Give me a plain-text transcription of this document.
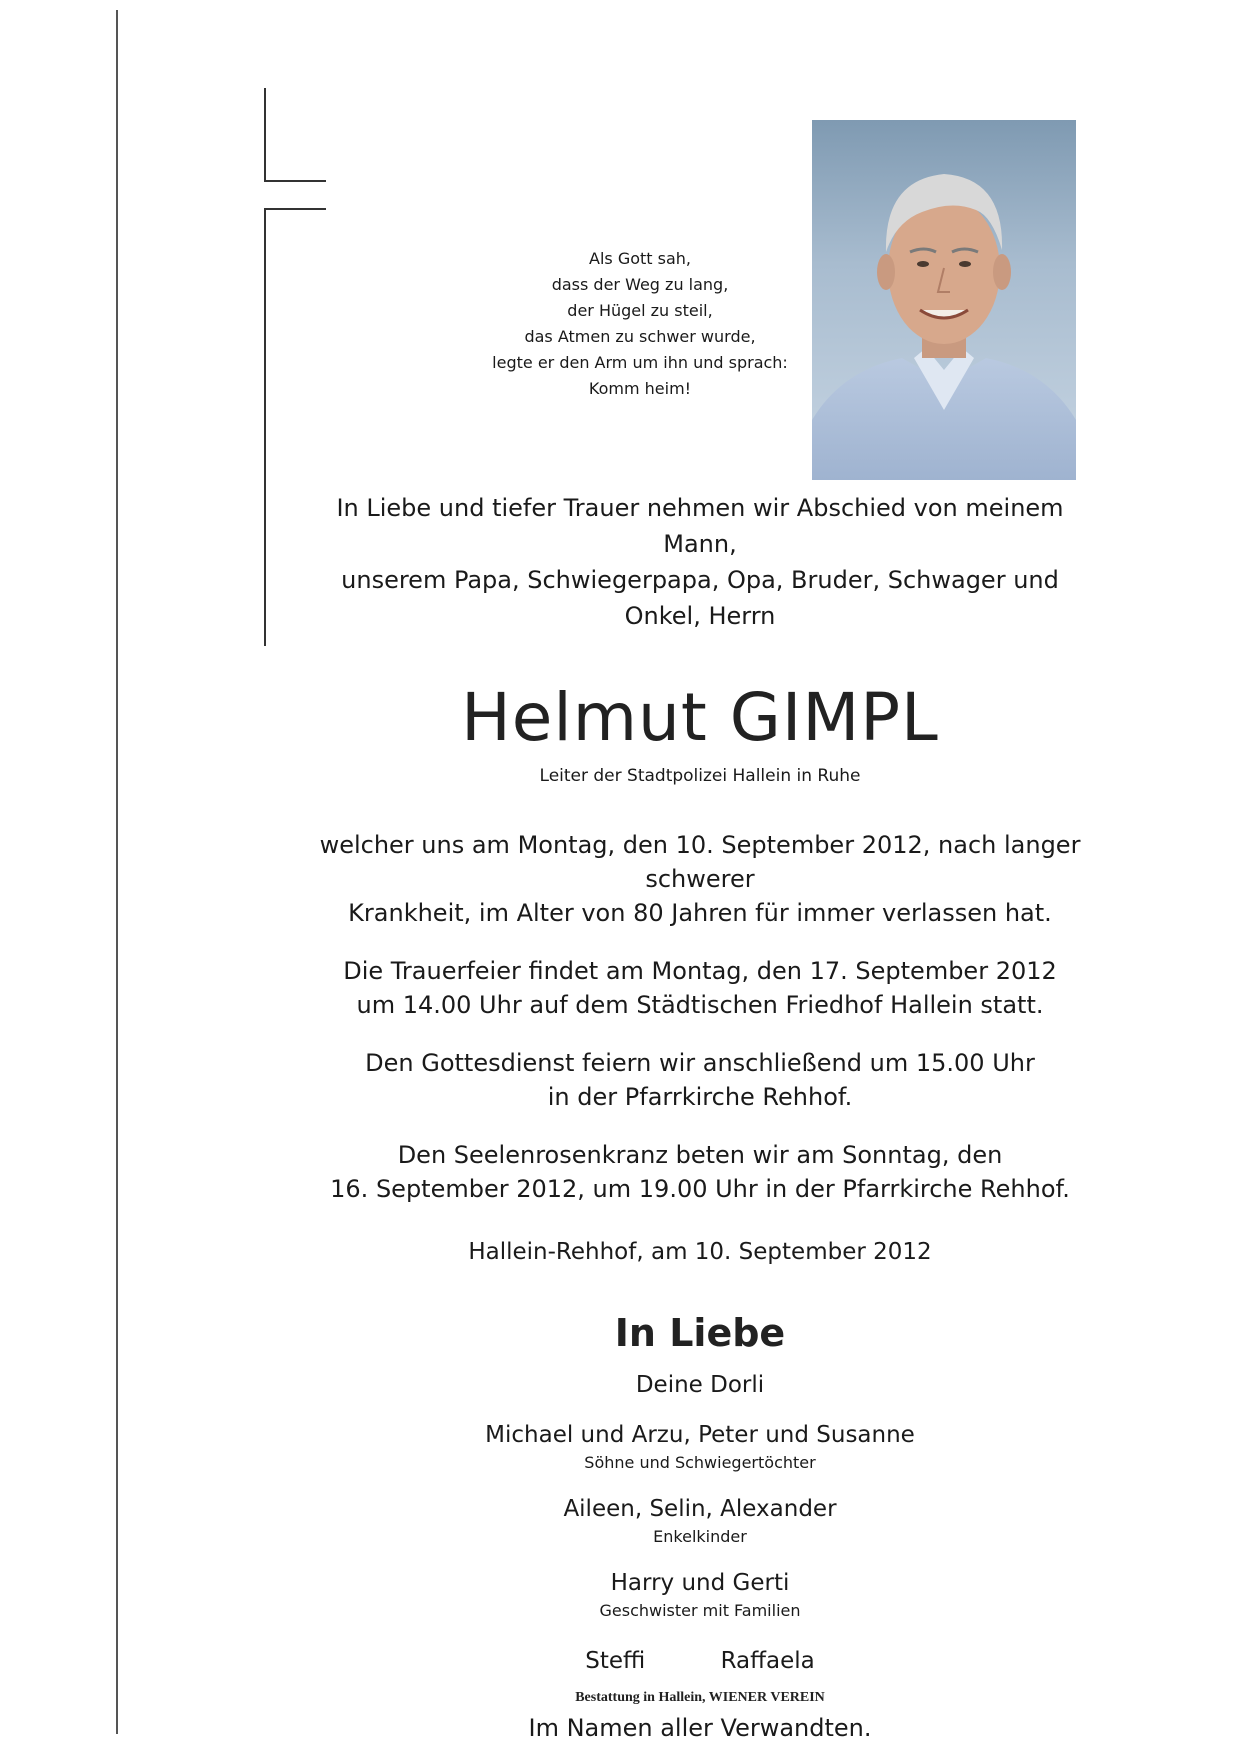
Als Gott sah,
dass der Weg zu lang,
der Hügel zu steil,
das Atmen zu schwer wurde,
legte er den Arm um ihn und sprach:
Komm heim!
In Liebe und tiefer Trauer nehmen wir Abschied von meinem Mann,
unserem Papa, Schwiegerpapa, Opa, Bruder, Schwager und Onkel, Herrn
Helmut GIMPL
Leiter der Stadtpolizei Hallein in Ruhe
welcher uns am Montag, den 10. September 2012, nach langer schwerer
Krankheit, im Alter von 80 Jahren für immer verlassen hat.
Die Trauerfeier findet am Montag, den 17. September 2012
um 14.00 Uhr auf dem Städtischen Friedhof Hallein statt.
Den Gottesdienst feiern wir anschließend um 15.00 Uhr
in der Pfarrkirche Rehhof.
Den Seelenrosenkranz beten wir am Sonntag, den
16. September 2012, um 19.00 Uhr in der Pfarrkirche Rehhof.
Hallein-Rehhof, am 10. September 2012
In Liebe
Deine Dorli
Michael und Arzu, Peter und Susanne
Söhne und Schwiegertöchter
Aileen, Selin, Alexander
Enkelkinder
Harry und Gerti
Geschwister mit Familien
Steffi	Raffaela
Im Namen aller Verwandten.
Bestattung in Hallein, WIENER VEREIN
